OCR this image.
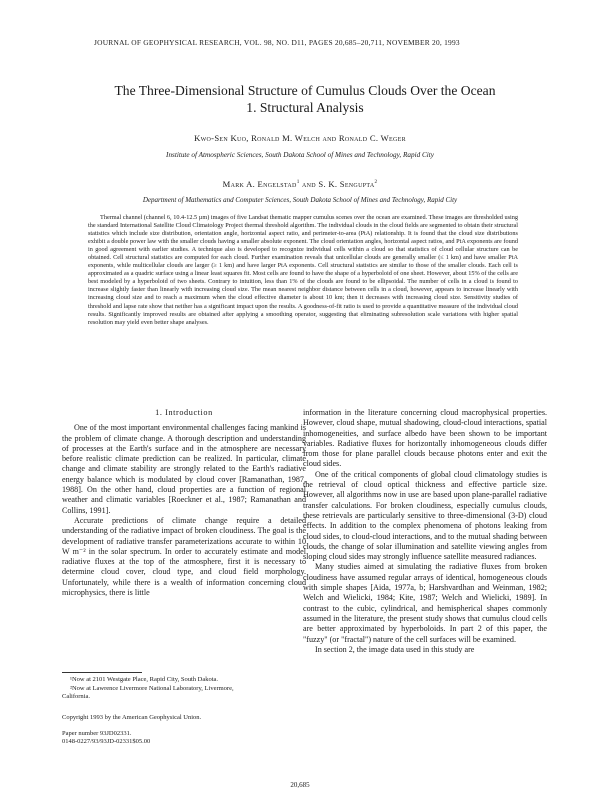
JOURNAL OF GEOPHYSICAL RESEARCH, VOL. 98, NO. D11, PAGES 20,685–20,711, NOVEMBER 20, 1993
The Three-Dimensional Structure of Cumulus Clouds Over the Ocean
1. Structural Analysis
Kwo-Sen Kuo, Ronald M. Welch and Ronald C. Weger
Institute of Atmospheric Sciences, South Dakota School of Mines and Technology, Rapid City
Mark A. Engelstad$^1$ and S. K. Sengupta$^2$
Department of Mathematics and Computer Sciences, South Dakota School of Mines and Technology, Rapid City
Thermal channel (channel 6, 10.4-12.5 µm) images of five Landsat thematic mapper cumulus scenes over the ocean are examined. These images are thresholded using the standard International Satellite Cloud Climatology Project thermal threshold algorithm. The individual clouds in the cloud fields are segmented to obtain their structural statistics which include size distribution, orientation angle, horizontal aspect ratio, and perimeter-to-area (PtA) relationship. It is found that the cloud size distributions exhibit a double power law with the smaller clouds having a smaller absolute exponent. The cloud orientation angles, horizontal aspect ratios, and PtA exponents are found in good agreement with earlier studies. A technique also is developed to recognize individual cells within a cloud so that statistics of cloud cellular structure can be obtained. Cell structural statistics are computed for each cloud. Further examination reveals that unicellular clouds are generally smaller (≤ 1 km) and have smaller PtA exponents, while multicellular clouds are larger (≥ 1 km) and have larger PtA exponents. Cell structural statistics are similar to those of the smaller clouds. Each cell is approximated as a quadric surface using a linear least squares fit. Most cells are found to have the shape of a hyperboloid of one sheet. However, about 15% of the cells are best modeled by a hyperboloid of two sheets. Contrary to intuition, less than 1% of the clouds are found to be ellipsoidal. The number of cells in a cloud is found to increase slightly faster than linearly with increasing cloud size. The mean nearest neighbor distance between cells in a cloud, however, appears to increase linearly with increasing cloud size and to reach a maximum when the cloud effective diameter is about 10 km; then it decreases with increasing cloud size. Sensitivity studies of threshold and lapse rate show that neither has a significant impact upon the results. A goodness-of-fit ratio is used to provide a quantitative measure of the individual cloud results. Significantly improved results are obtained after applying a smoothing operator, suggesting that eliminating subresolution scale variations with higher spatial resolution may yield even better shape analyses.
1. Introduction

One of the most important environmental challenges facing mankind is the problem of climate change. A thorough description and understanding of processes at the Earth's surface and in the atmosphere are necessary before realistic climate prediction can be realized. In particular, climate change and climate stability are strongly related to the Earth's radiative energy balance which is modulated by cloud cover [Ramanathan, 1987, 1988]. On the other hand, cloud properties are a function of regional weather and climatic variables [Roeckner et al., 1987; Ramanathan and Collins, 1991].

Accurate predictions of climate change require a detailed understanding of the radiative impact of broken cloudiness. The goal is the development of radiative transfer parameterizations accurate to within 10 W m⁻² in the solar spectrum. In order to accurately estimate and model radiative fluxes at the top of the atmosphere, first it is necessary to determine cloud cover, cloud type, and cloud field morphology. Unfortunately, while there is a wealth of information concerning cloud microphysics, there is little

information in the literature concerning cloud macrophysical properties. However, cloud shape, mutual shadowing, cloud-cloud interactions, spatial inhomogeneities, and surface albedo have been shown to be important variables. Radiative fluxes for horizontally inhomogeneous clouds differ from those for plane parallel clouds because photons enter and exit the cloud sides.

One of the critical components of global cloud climatology studies is the retrieval of cloud optical thickness and effective particle size. However, all algorithms now in use are based upon plane-parallel radiative transfer calculations. For broken cloudiness, especially cumulus clouds, these retrievals are particularly sensitive to three-dimensional (3-D) cloud effects. In addition to the complex phenomena of photons leaking from cloud sides, to cloud-cloud interactions, and to the mutual shading between clouds, the change of solar illumination and satellite viewing angles from sloping cloud sides may strongly influence satellite measured radiances.

Many studies aimed at simulating the radiative fluxes from broken cloudiness have assumed regular arrays of identical, homogeneous clouds with simple shapes [Aida, 1977a, b; Harshvardhan and Weinman, 1982; Welch and Wielicki, 1984; Kite, 1987; Welch and Wielicki, 1989]. In contrast to the cubic, cylindrical, and hemispherical shapes commonly assumed in the literature, the present study shows that cumulus cloud cells are better approximated by hyperboloids. In part 2 of this paper, the "fuzzy" (or "fractal") nature of the cell surfaces will be examined.

In section 2, the image data used in this study are

¹Now at 2101 Westgate Place, Rapid City, South Dakota.
²Now at Lawrence Livermore National Laboratory, Livermore,
California.
Copyright 1993 by the American Geophysical Union.
Paper number 93JD02331.
0148-0227/93/93JD-02331$05.00
20,685
